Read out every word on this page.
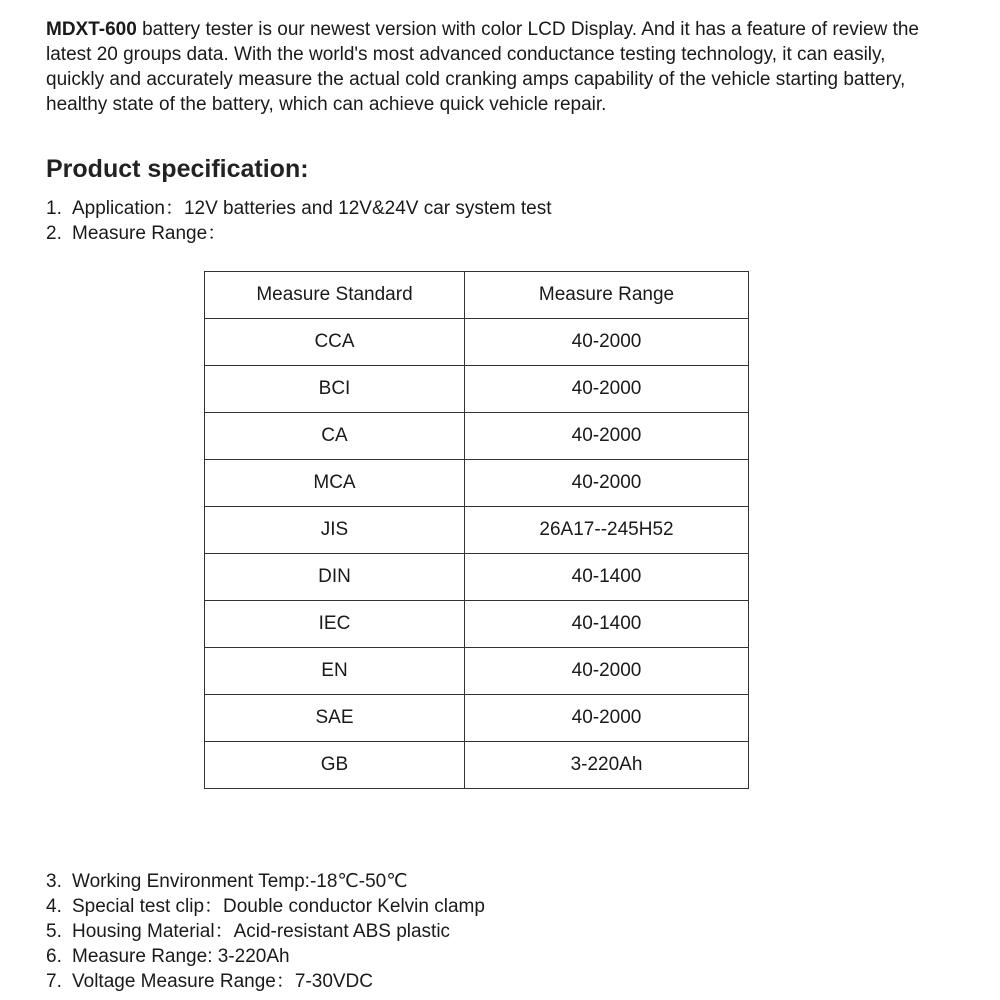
MDXT-600 battery tester is our newest version with color LCD Display. And it has a feature of review the latest 20 groups data. With the world's most advanced conductance testing technology, it can easily, quickly and accurately measure the actual cold cranking amps capability of the vehicle starting battery, healthy state of the battery, which can achieve quick vehicle repair.

Product specification:
1. Application：12V batteries and 12V&24V car system test
2. Measure Range：
Measure Standard	Measure Range
CCA	40-2000
BCI	40-2000
CA	40-2000
MCA	40-2000
JIS	26A17--245H52
DIN	40-1400
IEC	40-1400
EN	40-2000
SAE	40-2000
GB	3-220Ah
3. Working Environment Temp:-18℃-50℃
4. Special test clip：Double conductor Kelvin clamp
5. Housing Material：Acid-resistant ABS plastic
6. Measure Range: 3-220Ah
7. Voltage Measure Range：7-30VDC
